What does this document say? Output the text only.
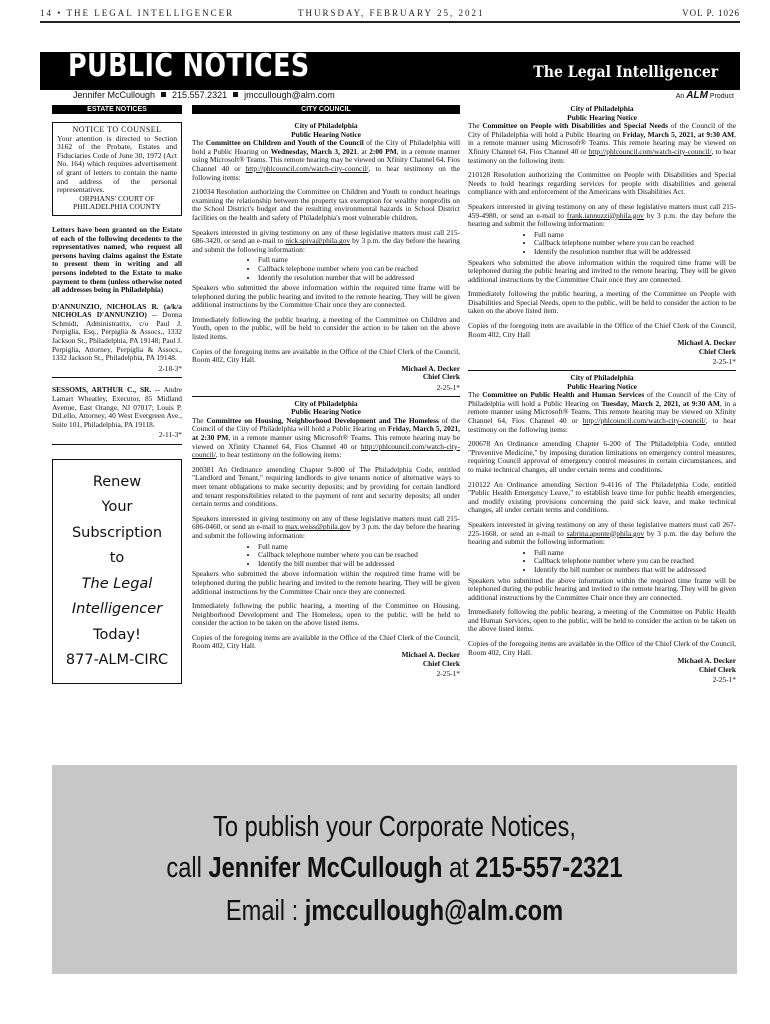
14 • THE LEGAL INTELLIGENCER	THURSDAY, FEBRUARY 25, 2021	VOL P. 1026
PUBLIC NOTICES	The Legal Intelligencer
Jennifer McCullough 215.557.2321 jmccullough@alm.com	An ALM Product
ESTATE NOTICES
NOTICE TO COUNSEL
Your attention is directed to Section 3162 of the Probate, Estates and Fiduciaries Code of June 30, 1972 (Act No. 164) which requires advertisement of grant of letters to contain the name and address of the personal representatives.
ORPHANS' COURT OF PHILADELPHIA COUNTY
Letters have been granted on the Estate of each of the following decedents to the representatives named, who request all persons having claims against the Estate to present them in writing and all persons indebted to the Estate to make payment to them (unless otherwise noted all addresses being in Philadelphia)
D'ANNUNZIO, NICHOLAS R. (a/k/a NICHOLAS D'ANNUNZIO) -- Donna Schmidt, Administratrix, c/o Paul J. Perpiglia, Esq., Perpiglia & Assocs., 1332 Jackson St., Philadelphia, PA 19148; Paul J. Perpiglia, Attorney, Perpiglia & Assocs., 1332 Jackson St., Philadelphia, PA 19148.
2-18-3*
SESSOMS, ARTHUR C., SR. -- Andre Lamart Wheatley, Executor, 85 Midland Avenue, East Orange, NJ 07017; Louis P. DiLello, Attorney, 40 West Evergreen Ave., Suite 101, Philadelphia, PA 19118.
2-11-3*
Renew
Your
Subscription
to
The Legal
Intelligencer
Today!
877-ALM-CIRC
CITY COUNCIL
City of Philadelphia
Public Hearing Notice
The Committee on Children and Youth of the Council of the City of Philadelphia will hold a Public Hearing on Wednesday, March 3, 2021, at 2:00 PM, in a remote manner using Microsoft® Teams. This remote hearing may be viewed on Xfinity Channel 64, Fios Channel 40 or http://phlcouncil.com/watch-city-council/, to hear testimony on the following items:
210034 Resolution authorizing the Committee on Children and Youth to conduct hearings examining the relationship between the property tax exemption for wealthy nonprofits on the School District's budget and the resulting environmental hazards in School District facilities on the health and safety of Philadelphia's most vulnerable children.
Speakers interested in giving testimony on any of these legislative matters must call 215-686-3420, or send an e-mail to nick.spiva@phila.gov by 3 p.m. the day before the hearing and submit the following information:
• Full name
• Callback telephone number where you can be reached
• Identify the resolution number that will be addressed
Speakers who submitted the above information within the required time frame will be telephoned during the public hearing and invited to the remote hearing. They will be given additional instructions by the Committee Chair once they are connected.
Immediately following the public hearing, a meeting of the Committee on Children and Youth, open to the public, will be held to consider the action to be taken on the above listed items.
Copies of the foregoing items are available in the Office of the Chief Clerk of the Council, Room 402, City Hall.
Michael A. Decker
Chief Clerk
2-25-1*
City of Philadelphia
Public Hearing Notice
The Committee on Housing, Neighborhood Development and The Homeless of the Council of the City of Philadelphia will hold a Public Hearing on Friday, March 5, 2021, at 2:30 PM, in a remote manner using Microsoft® Teams. This remote hearing may be viewed on Xfinity Channel 64, Fios Channel 40 or http://phlcouncil.com/watch-city-council/, to hear testimony on the following items:
200381 An Ordinance amending Chapter 9-800 of The Philadelphia Code, entitled "Landlord and Tenant," requiring landlords to give tenants notice of alternative ways to meet tenant obligations to make security deposits; and by providing for certain landlord and tenant responsibilities related to the payment of rent and security deposits; all under certain terms and conditions.
Speakers interested in giving testimony on any of these legislative matters must call 215-686-0460, or send an e-mail to max.weiss@phila.gov by 3 p.m. the day before the hearing and submit the following information:
• Full name
• Callback telephone number where you can be reached
• Identify the bill number that will be addressed
Speakers who submitted the above information within the required time frame will be telephoned during the public hearing and invited to the remote hearing. They will be given additional instructions by the Committee Chair once they are connected.
Immediately following the public hearing, a meeting of the Committee on Housing, Neighborhood Development and The Homeless, open to the public, will be held to consider the action to be taken on the above listed items.
Copies of the foregoing items are available in the Office of the Chief Clerk of the Council, Room 402, City Hall.
Michael A. Decker
Chief Clerk
2-25-1*
City of Philadelphia
Public Hearing Notice
The Committee on People with Disabilities and Special Needs of the Council of the City of Philadelphia will hold a Public Hearing on Friday, March 5, 2021, at 9:30 AM, in a remote manner using Microsoft® Teams. This remote hearing may be viewed on Xfinity Channel 64, Fios Channel 40 or http://phlcouncil.com/watch-city-council/, to hear testimony on the following item:
210128 Resolution authorizing the Committee on People with Disabilities and Special Needs to hold hearings regarding services for people with disabilities and general compliance with and enforcement of the Americans with Disabilities Act.
Speakers interested in giving testimony on any of these legislative matters must call 215-459-4980, or send an e-mail to frank.iannuzzi@phila.gov by 3 p.m. the day before the hearing and submit the following information:
• Full name
• Callback telephone number where you can be reached
• Identify the resolution number that will be addressed
Speakers who submitted the above information within the required time frame will be telephoned during the public hearing and invited to the remote hearing. They will be given additional instructions by the Committee Chair once they are connected.
Immediately following the public hearing, a meeting of the Committee on People with Disabilities and Special Needs, open to the public, will be held to consider the action to be taken on the above listed item.
Copies of the foregoing item are available in the Office of the Chief Clerk of the Council, Room 402, City Hall
Michael A. Decker
Chief Clerk
2-25-1*
City of Philadelphia
Public Hearing Notice
The Committee on Public Health and Human Services of the Council of the City of Philadelphia will hold a Public Hearing on Tuesday, March 2, 2021, at 9:30 AM, in a remote manner using Microsoft® Teams. This remote hearing may be viewed on Xfinity Channel 64, Fios Channel 40 or http://phlcouncil.com/watch-city-council/, to hear testimony on the following items:
200678 An Ordinance amending Chapter 6-200 of The Philadelphia Code, entitled "Preventive Medicine," by imposing duration limitations on emergency control measures, requiring Council approval of emergency control measures in certain circumstances, and to make technical changes, all under certain terms and conditions.
210122 An Ordinance amending Section 9-4116 of The Philadelphia Code, entitled "Public Health Emergency Leave," to establish leave time for public health emergencies, and modify existing provisions concerning the paid sick leave, and make technical changes, all under certain terms and conditions.
Speakers interested in giving testimony on any of these legislative matters must call 267-225-1668, or send an e-mail to sabrina.aponte@phila.gov by 3 p.m. the day before the hearing and submit the following information:
• Full name
• Callback telephone number where you can be reached
• Identify the bill number or numbers that will be addressed
Speakers who submitted the above information within the required time frame will be telephoned during the public hearing and invited to the remote hearing. They will be given additional instructions by the Committee Chair once they are connected.
Immediately following the public hearing, a meeting of the Committee on Public Health and Human Services, open to the public, will be held to consider the action to be taken on the above listed items.
Copies of the foregoing items are available in the Office of the Chief Clerk of the Council, Room 402, City Hall.
Michael A. Decker
Chief Clerk
2-25-1*
To publish your Corporate Notices,
call Jennifer McCullough at 215-557-2321
Email : jmccullough@alm.com
